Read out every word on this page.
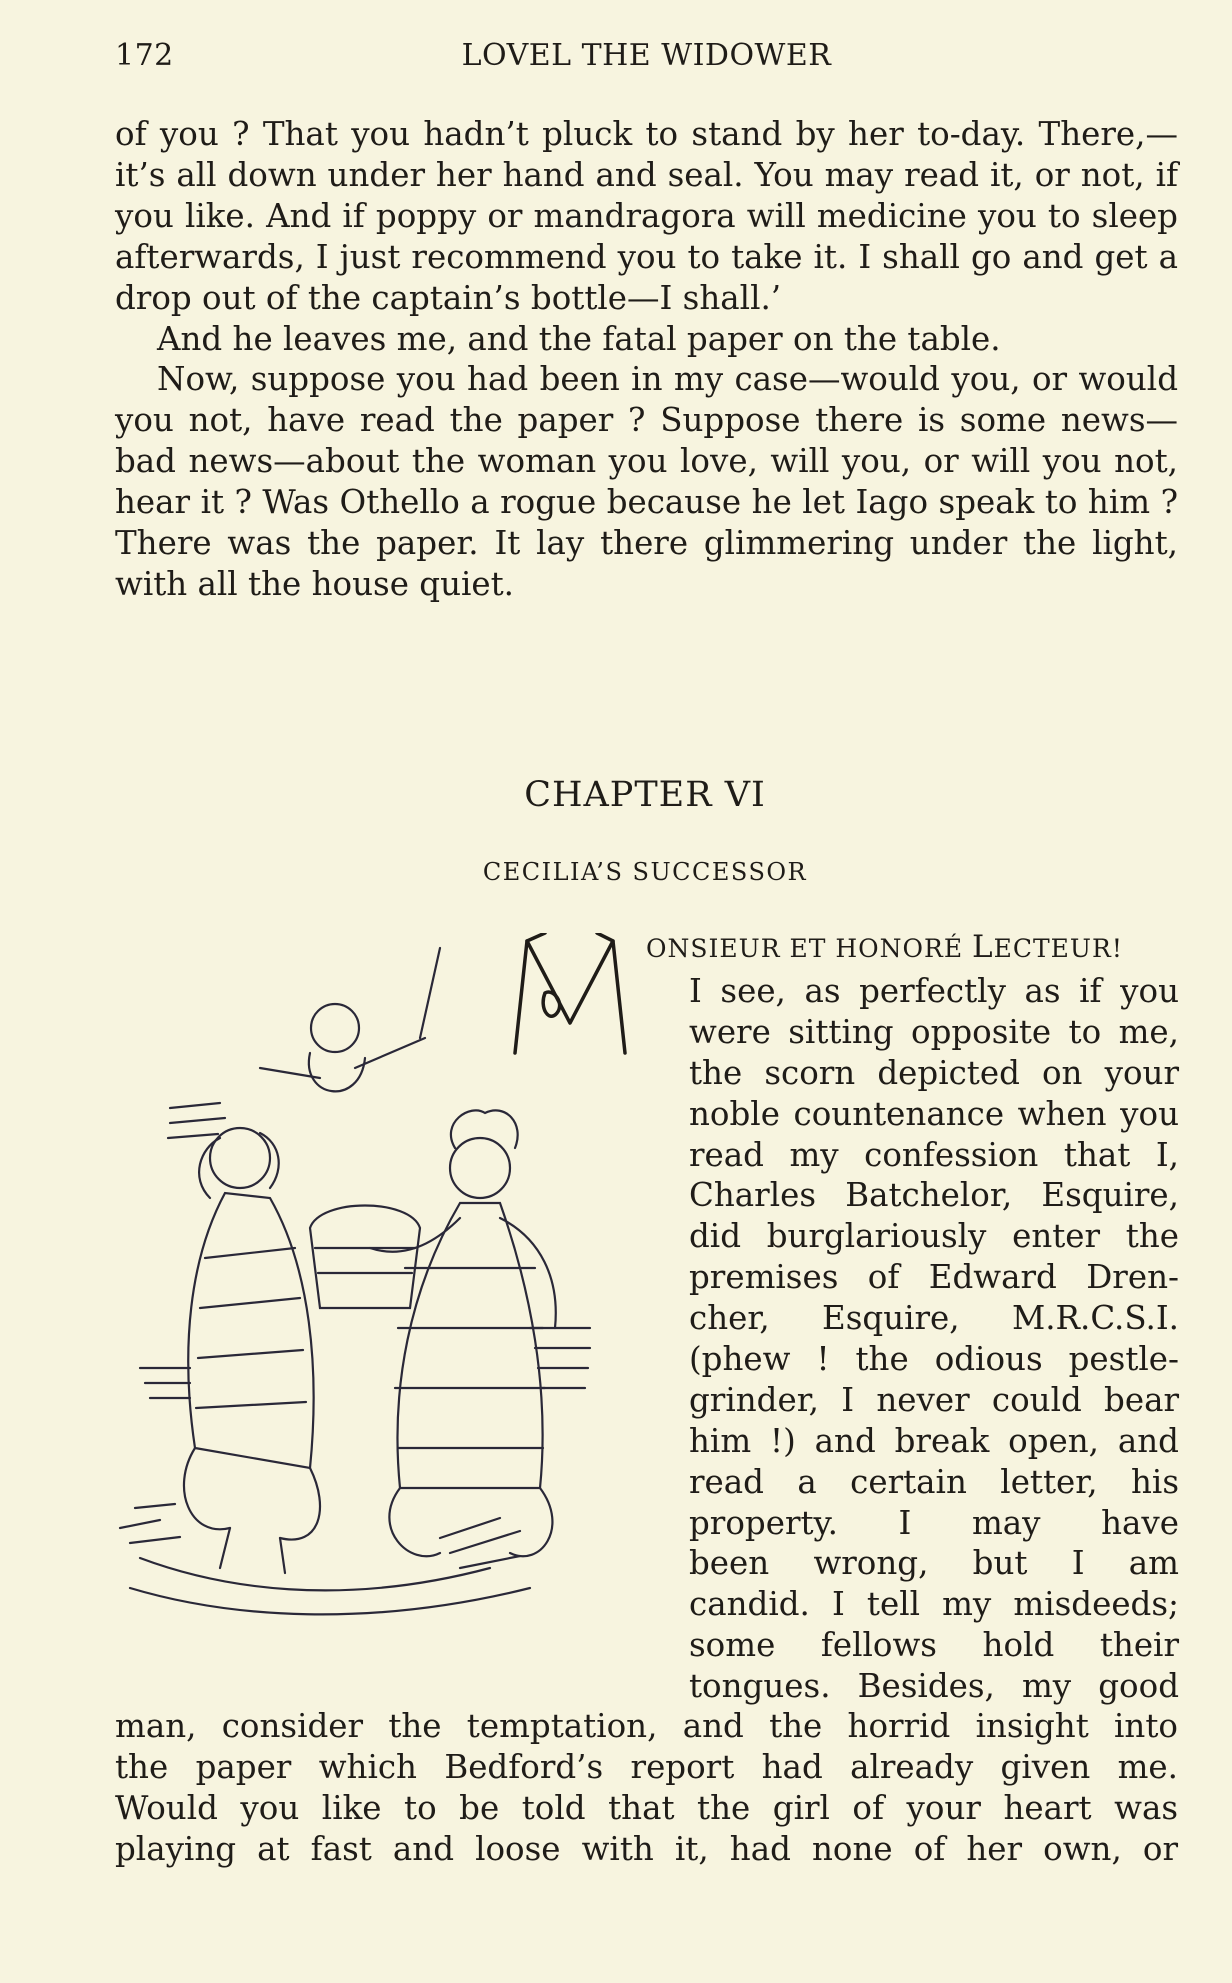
172	LOVEL THE WIDOWER

of you ? That you hadn’t pluck to stand by her to-day. There,—it’s all down under her hand and seal. You may read it, or not, if you like. And if poppy or mandragora will medicine you to sleep afterwards, I just recommend you to take it. I shall go and get a drop out of the captain’s bottle—I shall.’

And he leaves me, and the fatal paper on the table.

Now, suppose you had been in my case—would you, or would you not, have read the paper ? Suppose there is some news—bad news—about the woman you love, will you, or will you not, hear it ? Was Othello a rogue because he let Iago speak to him ? There was the paper. It lay there glimmering under the light, with all the house quiet.

CHAPTER VI
CECILIA’S SUCCESSOR
ONSIEUR ET HONORÉ LECTEUR!
I see, as perfectly as if you
were sitting opposite to me,
the scorn depicted on your
noble countenance when you
read my confession that I,
Charles Batchelor, Esquire,
did burglariously enter the
premises of Edward Dren-
cher, Esquire, M.R.C.S.I.
(phew ! the odious pestle-
grinder, I never could bear
him !) and break open, and
read a certain letter, his
property. I may have
been wrong, but I am
candid. I tell my misdeeds;
some fellows hold their
tongues. Besides, my good
man, consider the temptation, and the horrid insight into
the paper which Bedford’s report had already given me.
Would you like to be told that the girl of your heart was
playing at fast and loose with it, had none of her own, or
